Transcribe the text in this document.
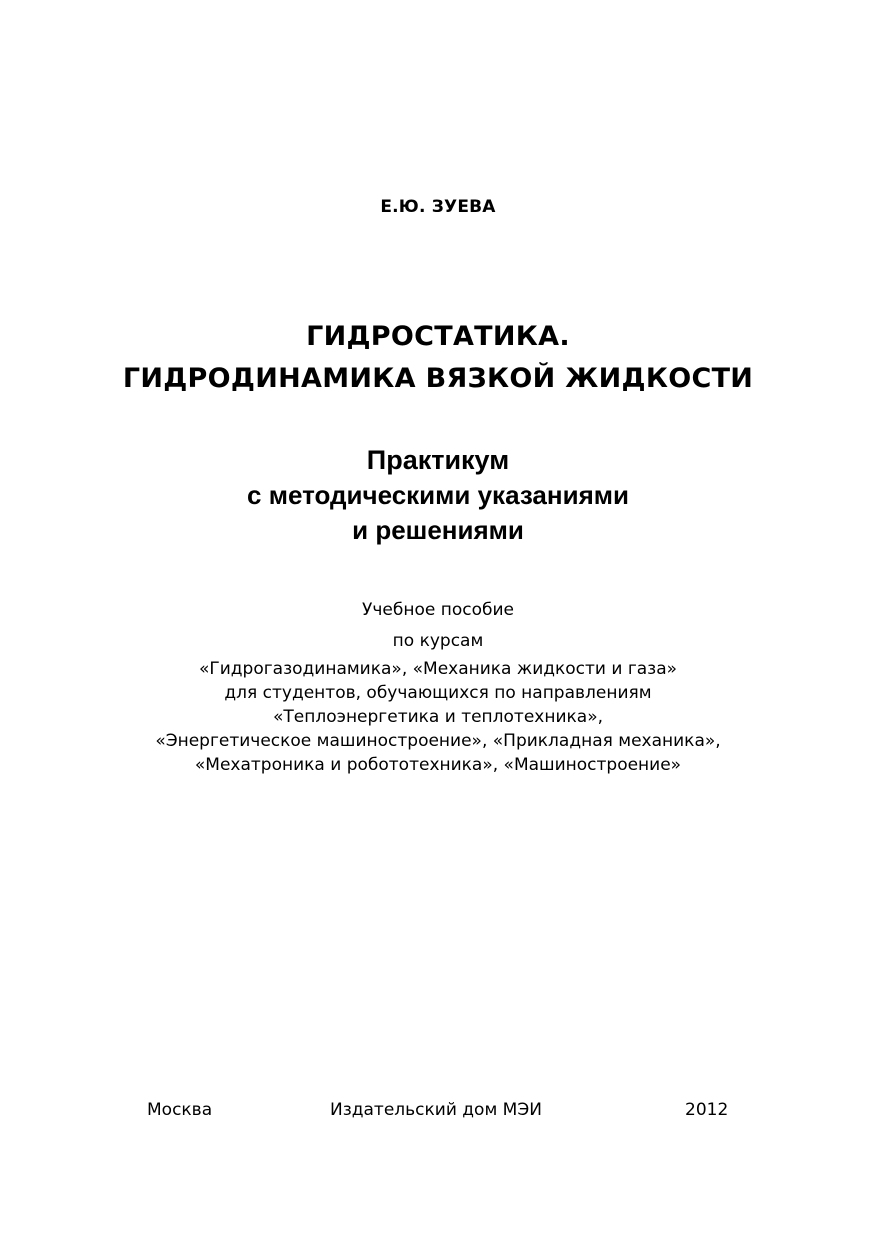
Е.Ю. ЗУЕВА
ГИДРОСТАТИКА.
ГИДРОДИНАМИКА ВЯЗКОЙ ЖИДКОСТИ
Практикум
с методическими указаниями
и решениями
Учебное пособие
по курсам
«Гидрогазодинамика», «Механика жидкости и газа»
для студентов, обучающихся по направлениям
«Теплоэнергетика и теплотехника»,
«Энергетическое машиностроение», «Прикладная механика»,
«Мехатроника и робототехника», «Машиностроение»
Москва	Издательский дом МЭИ	2012
